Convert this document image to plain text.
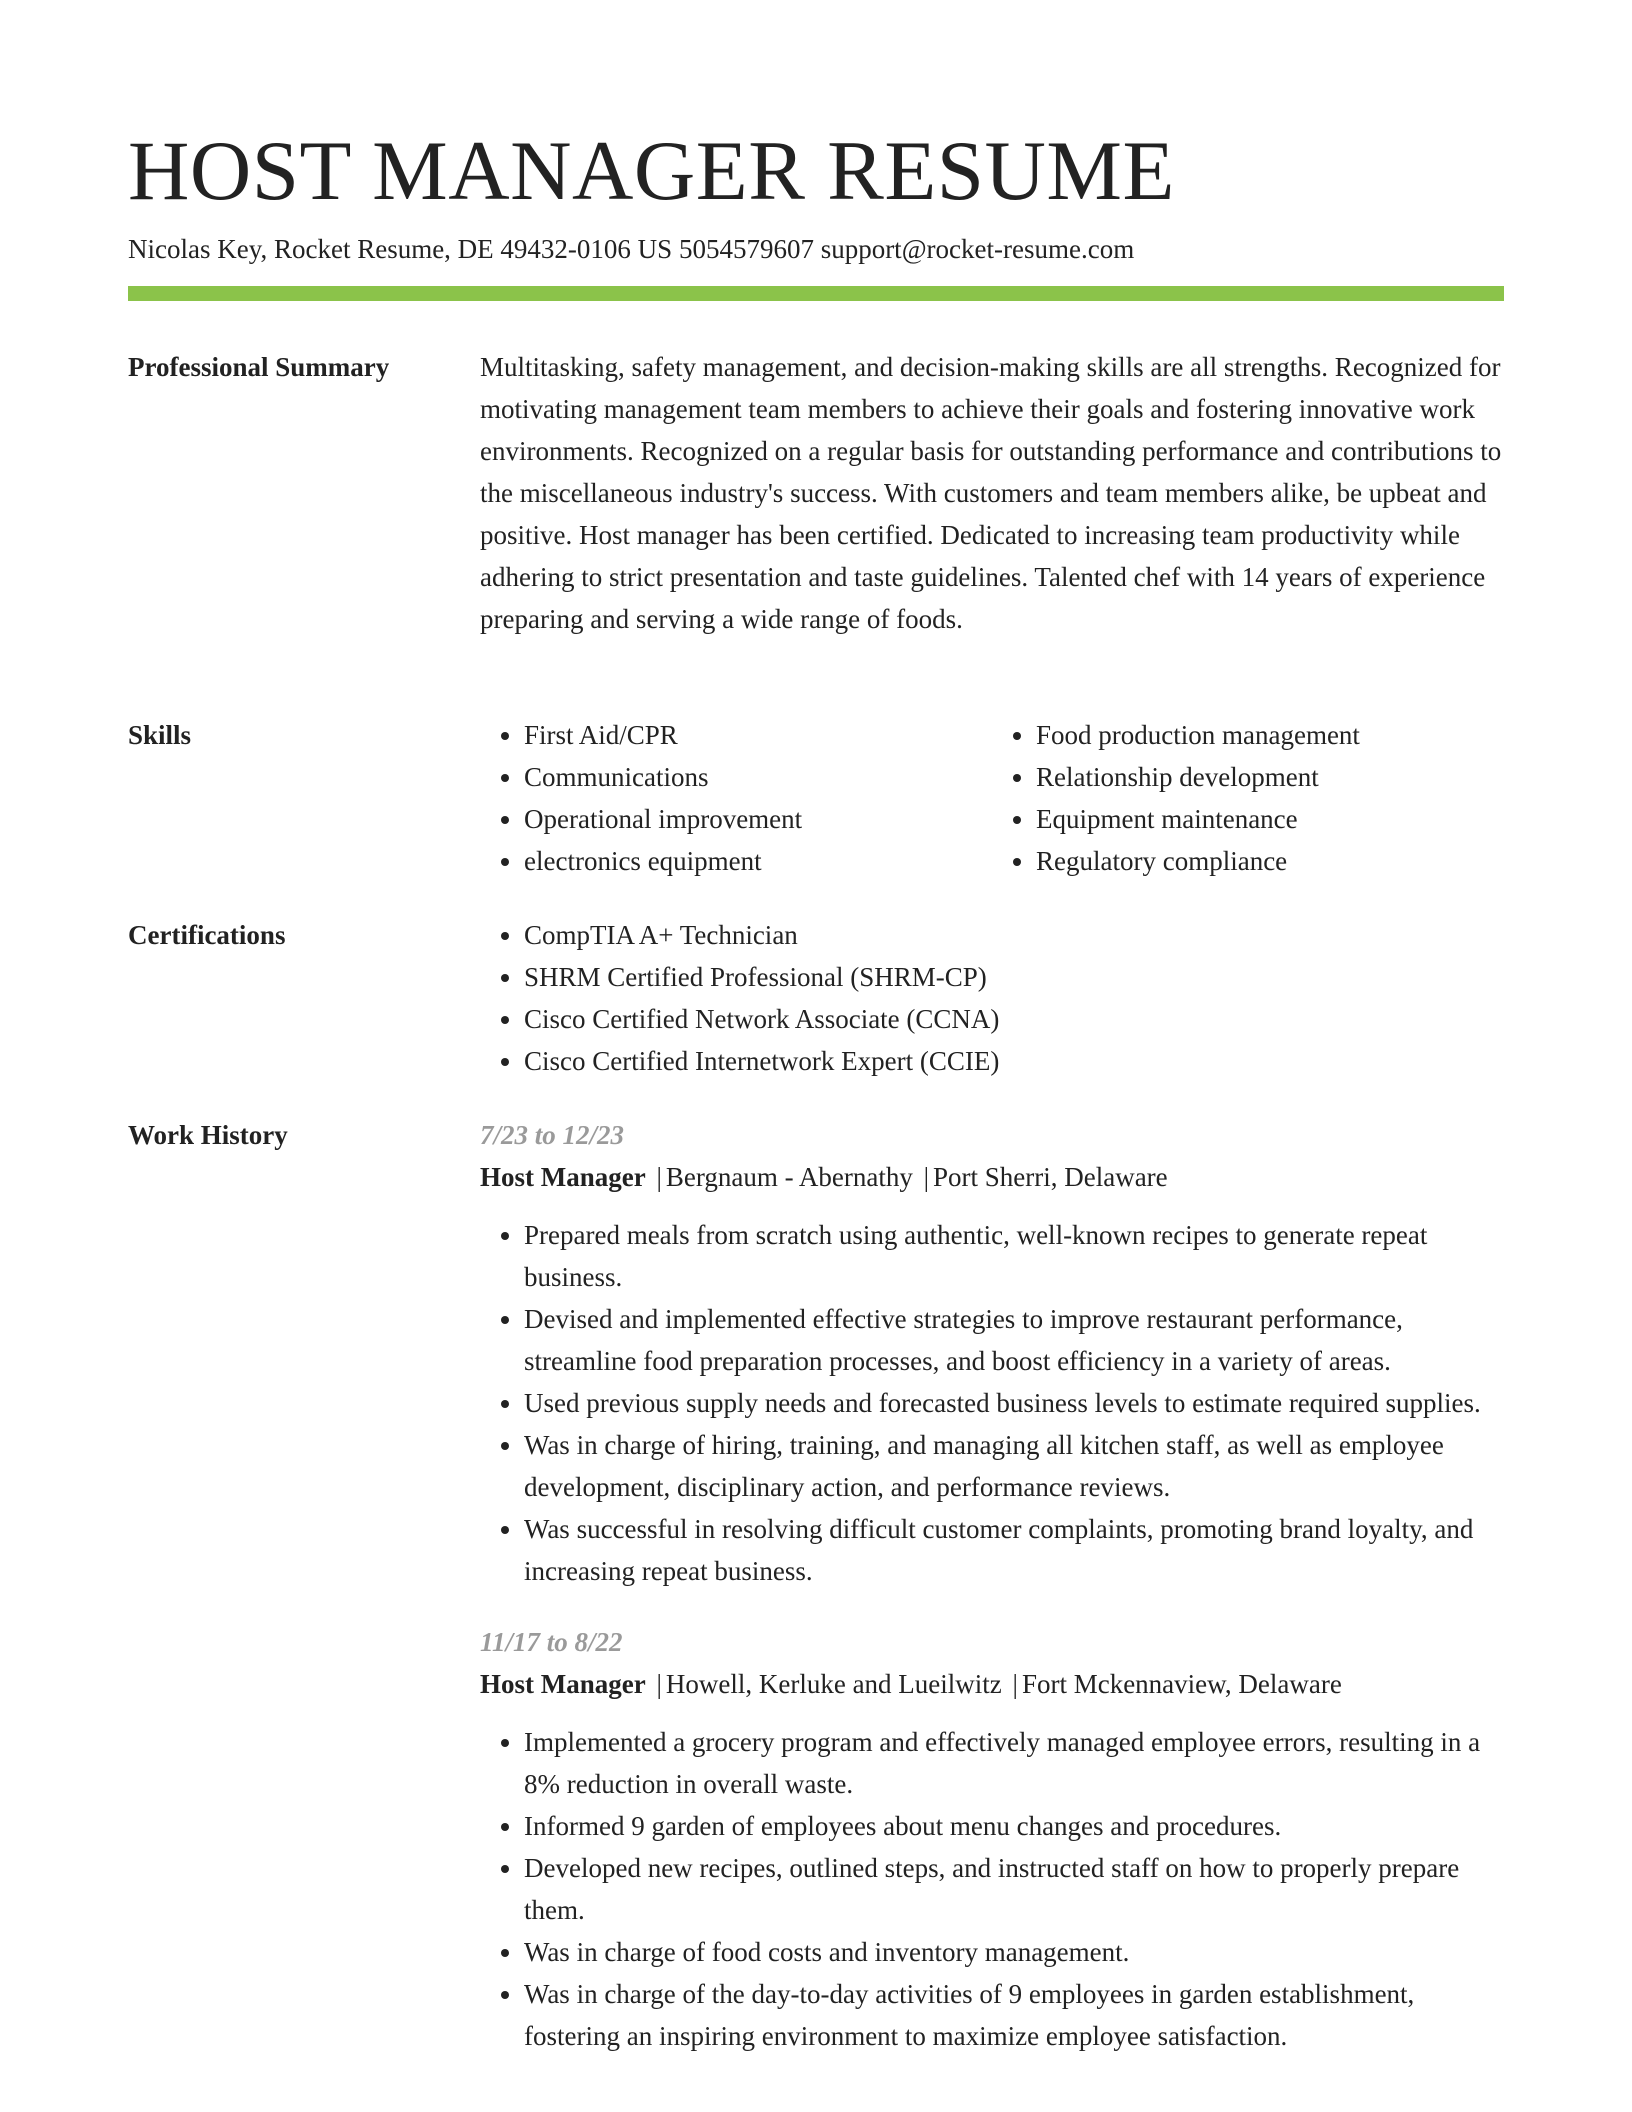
HOST MANAGER RESUME
Nicolas Key, Rocket Resume, DE 49432-0106 US 5054579607 support@rocket-resume.com
Professional Summary	Multitasking, safety management, and decision-making skills are all strengths. Recognized for motivating management team members to achieve their goals and fostering innovative work environments. Recognized on a regular basis for outstanding performance and contributions to the miscellaneous industry's success. With customers and team members alike, be upbeat and positive. Host manager has been certified. Dedicated to increasing team productivity while adhering to strict presentation and taste guidelines. Talented chef with 14 years of experience preparing and serving a wide range of foods.

Skills	• First Aid/CPR
• Communications
• Operational improvement
• electronics equipment
• Food production management
• Relationship development
• Equipment maintenance
• Regulatory compliance
Certifications	• CompTIA A+ Technician
• SHRM Certified Professional (SHRM-CP)
• Cisco Certified Network Associate (CCNA)
• Cisco Certified Internetwork Expert (CCIE)
Work History	7/23 to 12/23
Host Manager | Bergnaum - Abernathy | Port Sherri, Delaware
• Prepared meals from scratch using authentic, well-known recipes to generate repeat business.
• Devised and implemented effective strategies to improve restaurant performance, streamline food preparation processes, and boost efficiency in a variety of areas.
• Used previous supply needs and forecasted business levels to estimate required supplies.
• Was in charge of hiring, training, and managing all kitchen staff, as well as employee development, disciplinary action, and performance reviews.
• Was successful in resolving difficult customer complaints, promoting brand loyalty, and increasing repeat business.
11/17 to 8/22
Host Manager | Howell, Kerluke and Lueilwitz | Fort Mckennaview, Delaware
• Implemented a grocery program and effectively managed employee errors, resulting in a 8% reduction in overall waste.
• Informed 9 garden of employees about menu changes and procedures.
• Developed new recipes, outlined steps, and instructed staff on how to properly prepare them.
• Was in charge of food costs and inventory management.
• Was in charge of the day-to-day activities of 9 employees in garden establishment, fostering an inspiring environment to maximize employee satisfaction.
